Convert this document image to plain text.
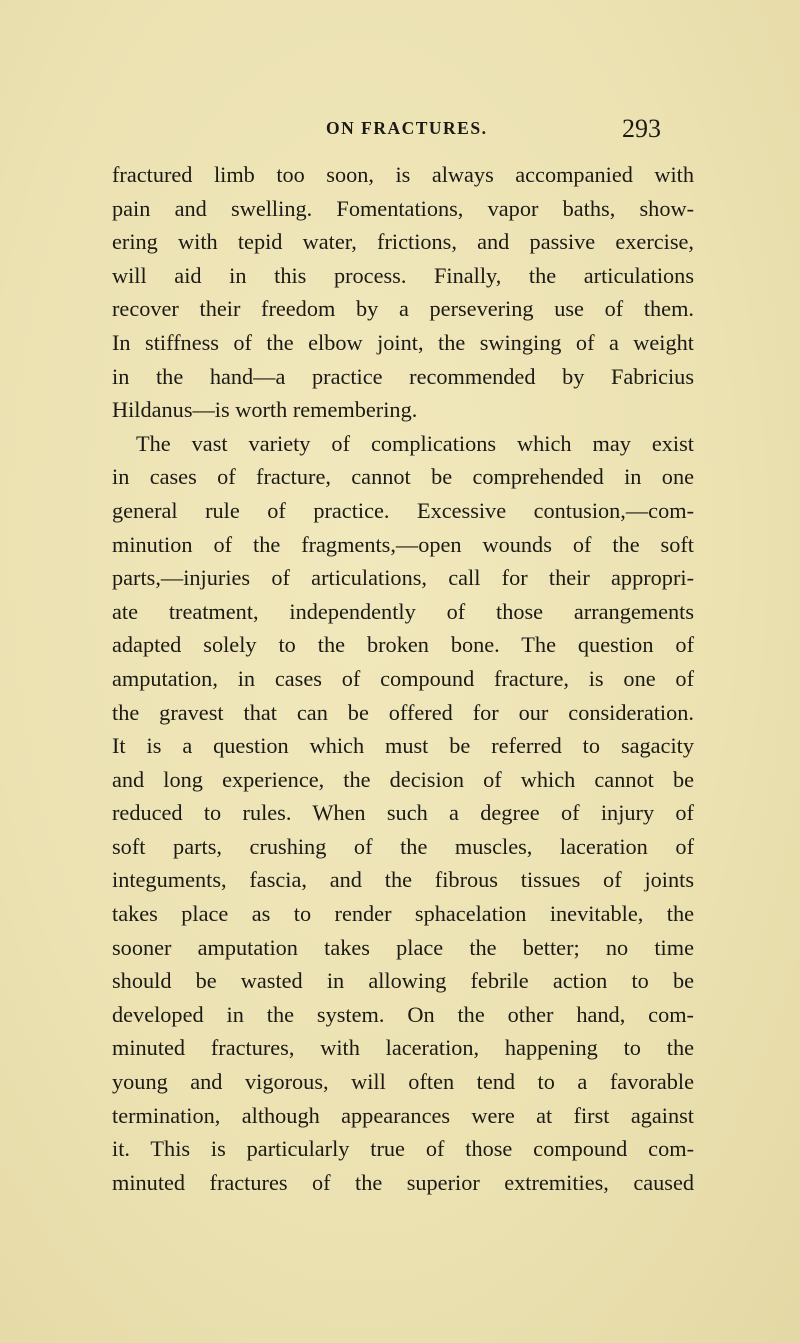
ON FRACTURES.	293
fractured limb too soon, is always accompanied with
pain and swelling. Fomentations, vapor baths, show-
ering with tepid water, frictions, and passive exercise,
will aid in this process. Finally, the articulations
recover their freedom by a persevering use of them.
In stiffness of the elbow joint, the swinging of a weight
in the hand—a practice recommended by Fabricius
Hildanus—is worth remembering.
The vast variety of complications which may exist
in cases of fracture, cannot be comprehended in one
general rule of practice. Excessive contusion,—com-
minution of the fragments,—open wounds of the soft
parts,—injuries of articulations, call for their appropri-
ate treatment, independently of those arrangements
adapted solely to the broken bone. The question of
amputation, in cases of compound fracture, is one of
the gravest that can be offered for our consideration.
It is a question which must be referred to sagacity
and long experience, the decision of which cannot be
reduced to rules. When such a degree of injury of
soft parts, crushing of the muscles, laceration of
integuments, fascia, and the fibrous tissues of joints
takes place as to render sphacelation inevitable, the
sooner amputation takes place the better; no time
should be wasted in allowing febrile action to be
developed in the system. On the other hand, com-
minuted fractures, with laceration, happening to the
young and vigorous, will often tend to a favorable
termination, although appearances were at first against
it. This is particularly true of those compound com-
minuted fractures of the superior extremities, caused
